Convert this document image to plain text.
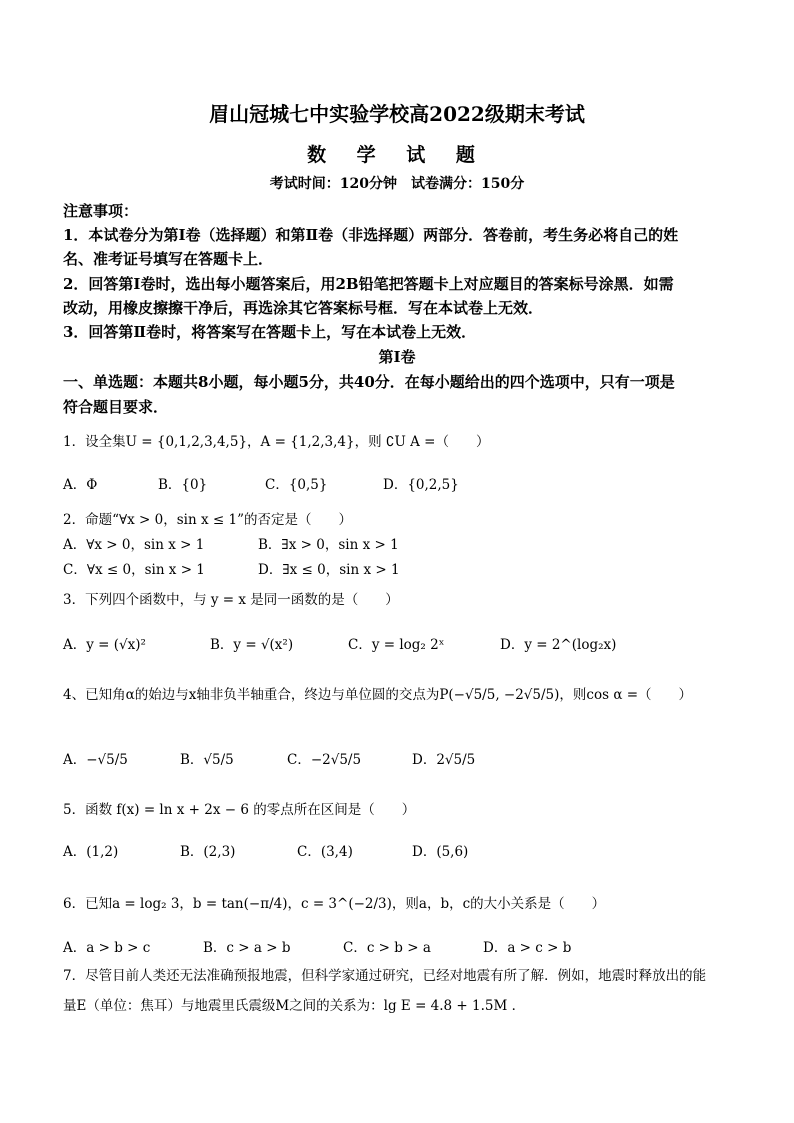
眉山冠城七中实验学校高2022级期末考试
数 学 试 题
考试时间：120分钟　试卷满分：150分
注意事项：
1．本试卷分为第Ⅰ卷（选择题）和第Ⅱ卷（非选择题）两部分．答卷前，考生务必将自己的姓
名、准考证号填写在答题卡上．
2．回答第Ⅰ卷时，选出每小题答案后，用2B铅笔把答题卡上对应题目的答案标号涂黑．如需
改动，用橡皮擦擦干净后，再选涂其它答案标号框．写在本试卷上无效．
3．回答第Ⅱ卷时，将答案写在答题卡上，写在本试卷上无效．
第Ⅰ卷
一、单选题：本题共8小题，每小题5分，共40分．在每小题给出的四个选项中，只有一项是
符合题目要求．
1．设全集U = {0,1,2,3,4,5}，A = {1,2,3,4}，则 ∁U A =（　　）
A．Φ	B．{0}	C．{0,5}	D．{0,2,5}
2．命题“∀x > 0，sin x ≤ 1”的否定是（　　）
A．∀x > 0，sin x > 1	B．∃x > 0，sin x > 1
C．∀x ≤ 0，sin x > 1	D．∃x ≤ 0，sin x > 1
3．下列四个函数中，与 y = x 是同一函数的是（　　）
A．y = (√x)²	B．y = √(x²)	C．y = log₂ 2ˣ	D．y = 2^(log₂x)
4、已知角α的始边与x轴非负半轴重合，终边与单位圆的交点为P(−√5/5, −2√5/5)，则cos α =（　　）
A．−√5/5	B．√5/5	C．−2√5/5	D．2√5/5
5．函数 f(x) = ln x + 2x − 6 的零点所在区间是（　　）
A．(1,2)	B．(2,3)	C．(3,4)	D．(5,6)
6．已知a = log₂ 3，b = tan(−π/4)，c = 3^(−2/3)，则a，b，c的大小关系是（　　）
A．a > b > c	B．c > a > b	C．c > b > a	D．a > c > b
7．尽管目前人类还无法准确预报地震，但科学家通过研究，已经对地震有所了解．例如，地震时释放出的能
量E（单位：焦耳）与地震里氏震级M之间的关系为：lg E = 4.8 + 1.5M ．
